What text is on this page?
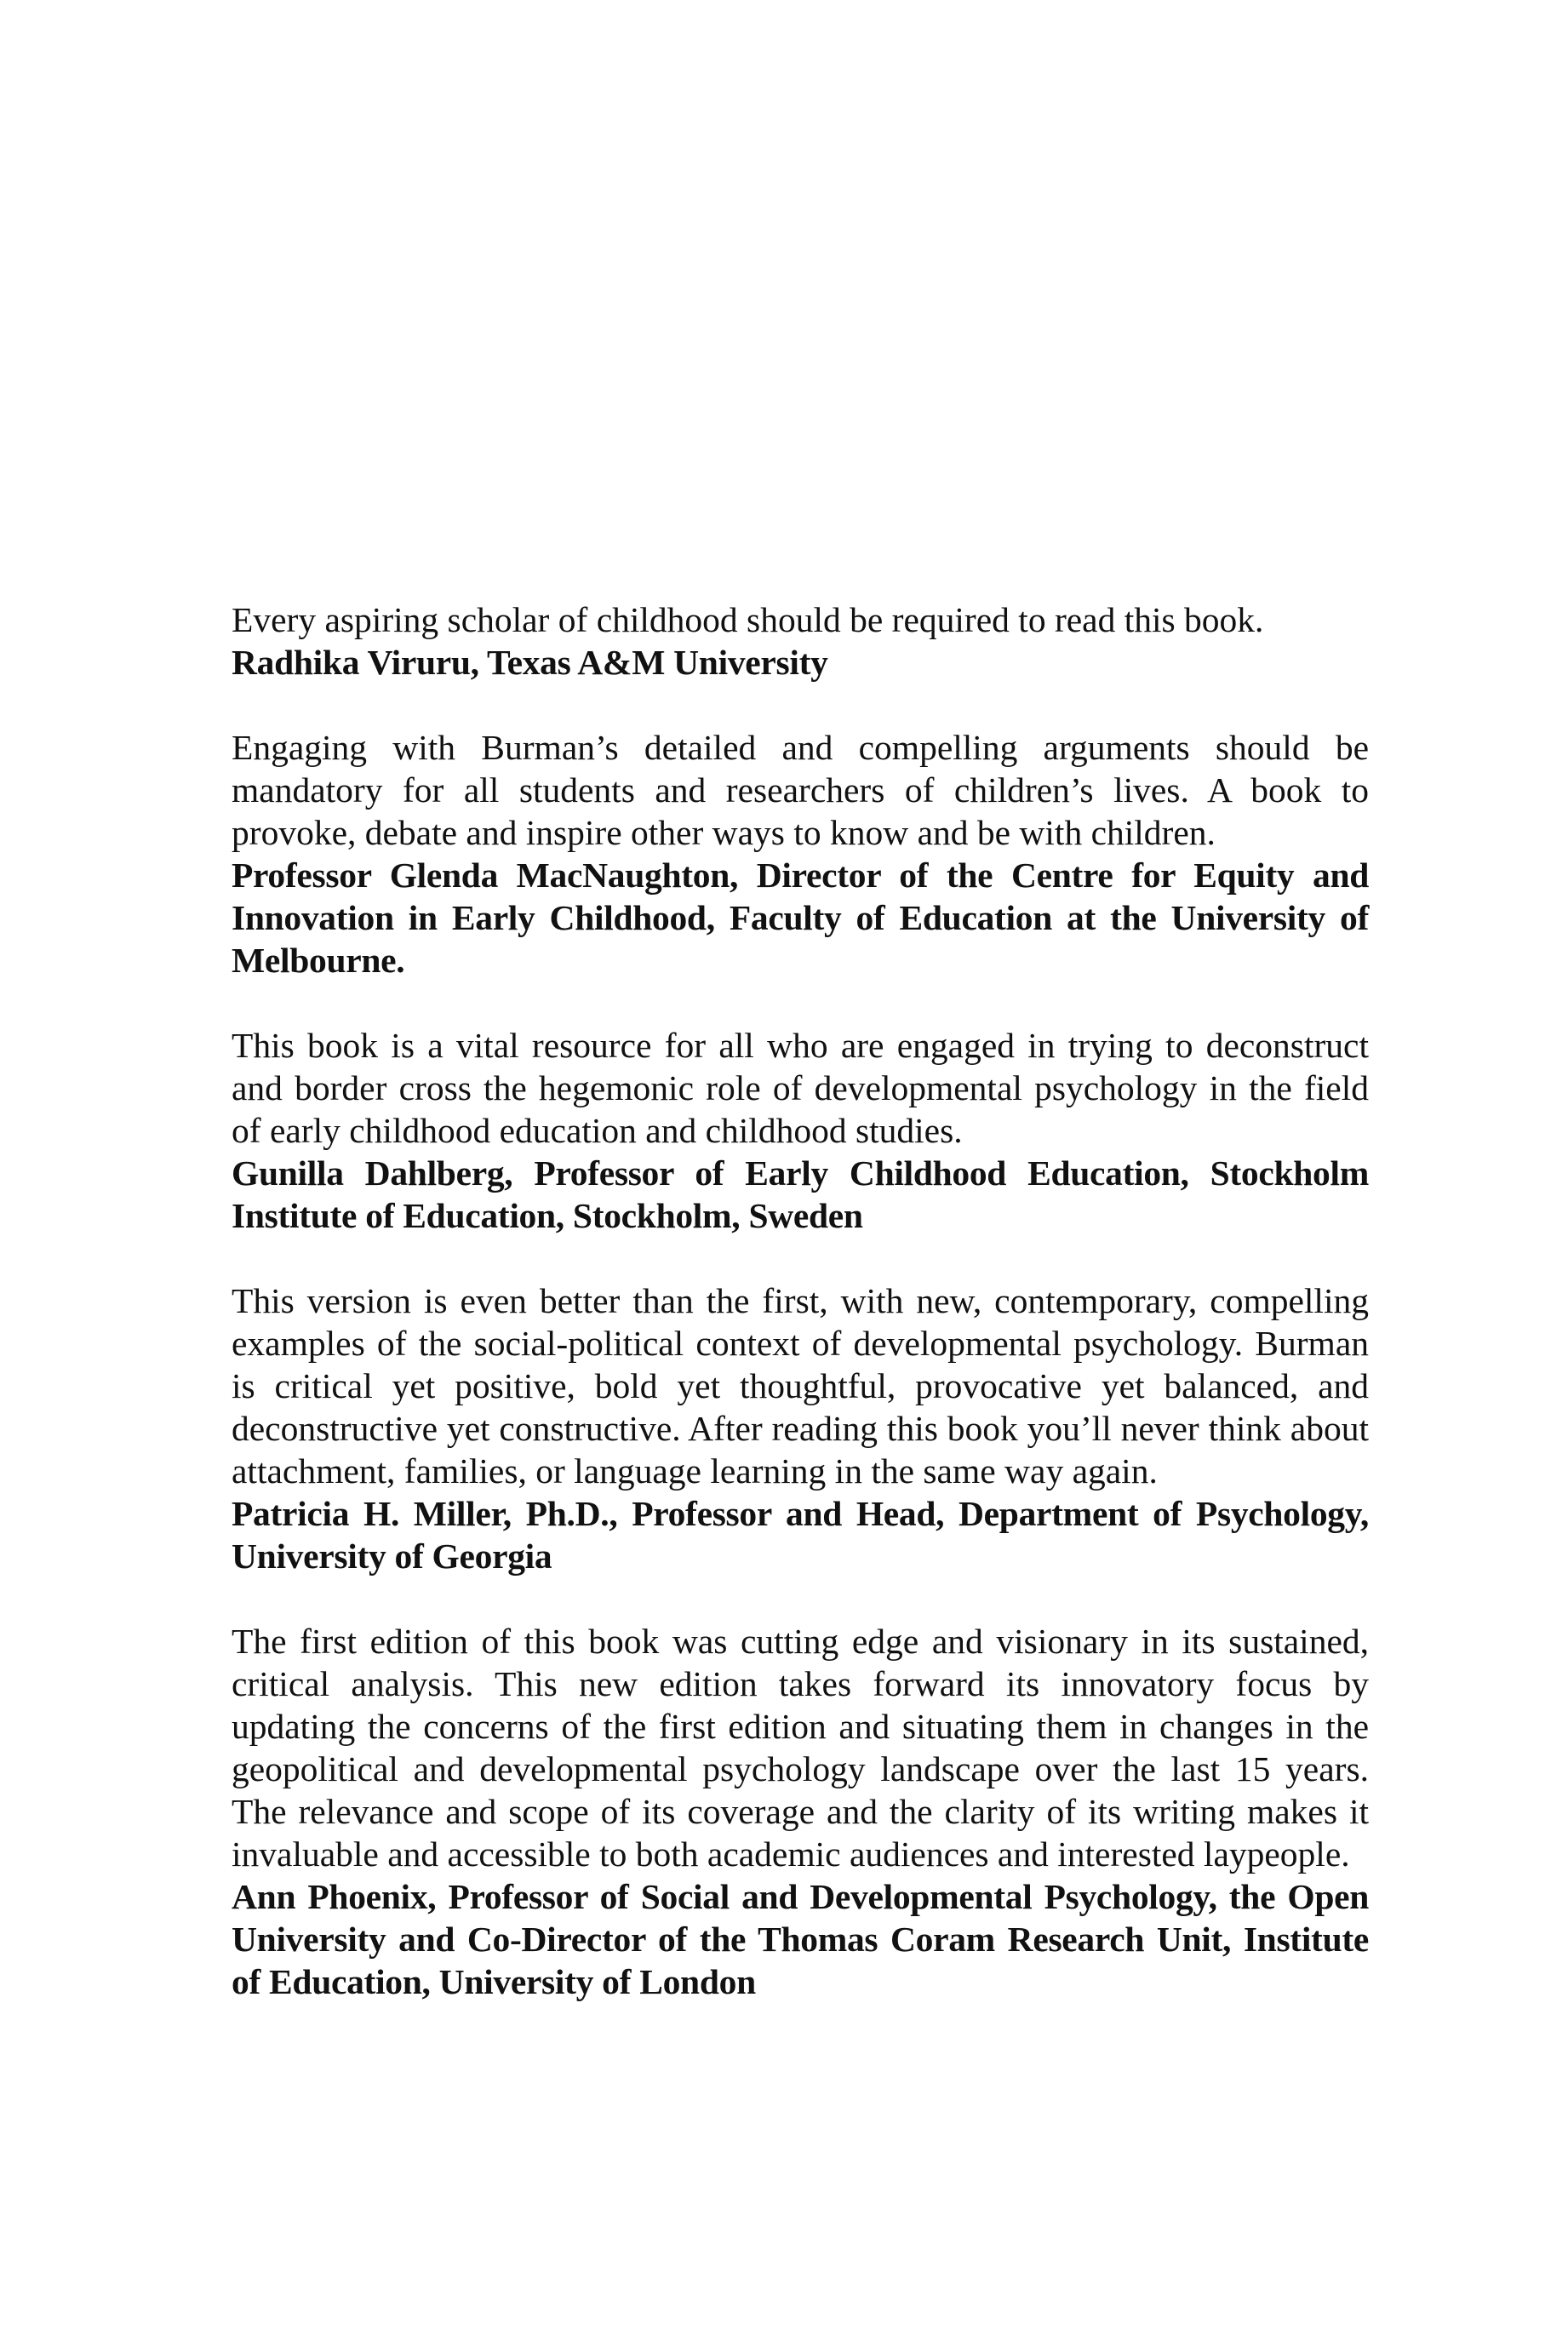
Every aspiring scholar of childhood should be required to read this book.

Radhika Viruru, Texas A&M University

Engaging with Burman’s detailed and compelling arguments should be mandatory for all students and researchers of children’s lives. A book to provoke, debate and inspire other ways to know and be with children.

Professor Glenda MacNaughton, Director of the Centre for Equity and Innovation in Early Childhood, Faculty of Education at the University of Melbourne.

This book is a vital resource for all who are engaged in trying to deconstruct and border cross the hegemonic role of developmental psychology in the field of early childhood education and childhood studies.

Gunilla Dahlberg, Professor of Early Childhood Education, Stockholm Institute of Education, Stockholm, Sweden

This version is even better than the first, with new, contemporary, compelling examples of the social-political context of developmental psychology. Burman is critical yet positive, bold yet thoughtful, provocative yet balanced, and deconstructive yet constructive. After reading this book you’ll never think about attachment, families, or language learning in the same way again.

Patricia H. Miller, Ph.D., Professor and Head, Department of Psychology, University of Georgia

The first edition of this book was cutting edge and visionary in its sustained, critical analysis. This new edition takes forward its innovatory focus by updating the concerns of the first edition and situating them in changes in the geopolitical and developmental psychology landscape over the last 15 years. The relevance and scope of its coverage and the clarity of its writing makes it invaluable and accessible to both academic audiences and interested laypeople.

Ann Phoenix, Professor of Social and Developmental Psychology, the Open University and Co-Director of the Thomas Coram Research Unit, Institute of Education, University of London
